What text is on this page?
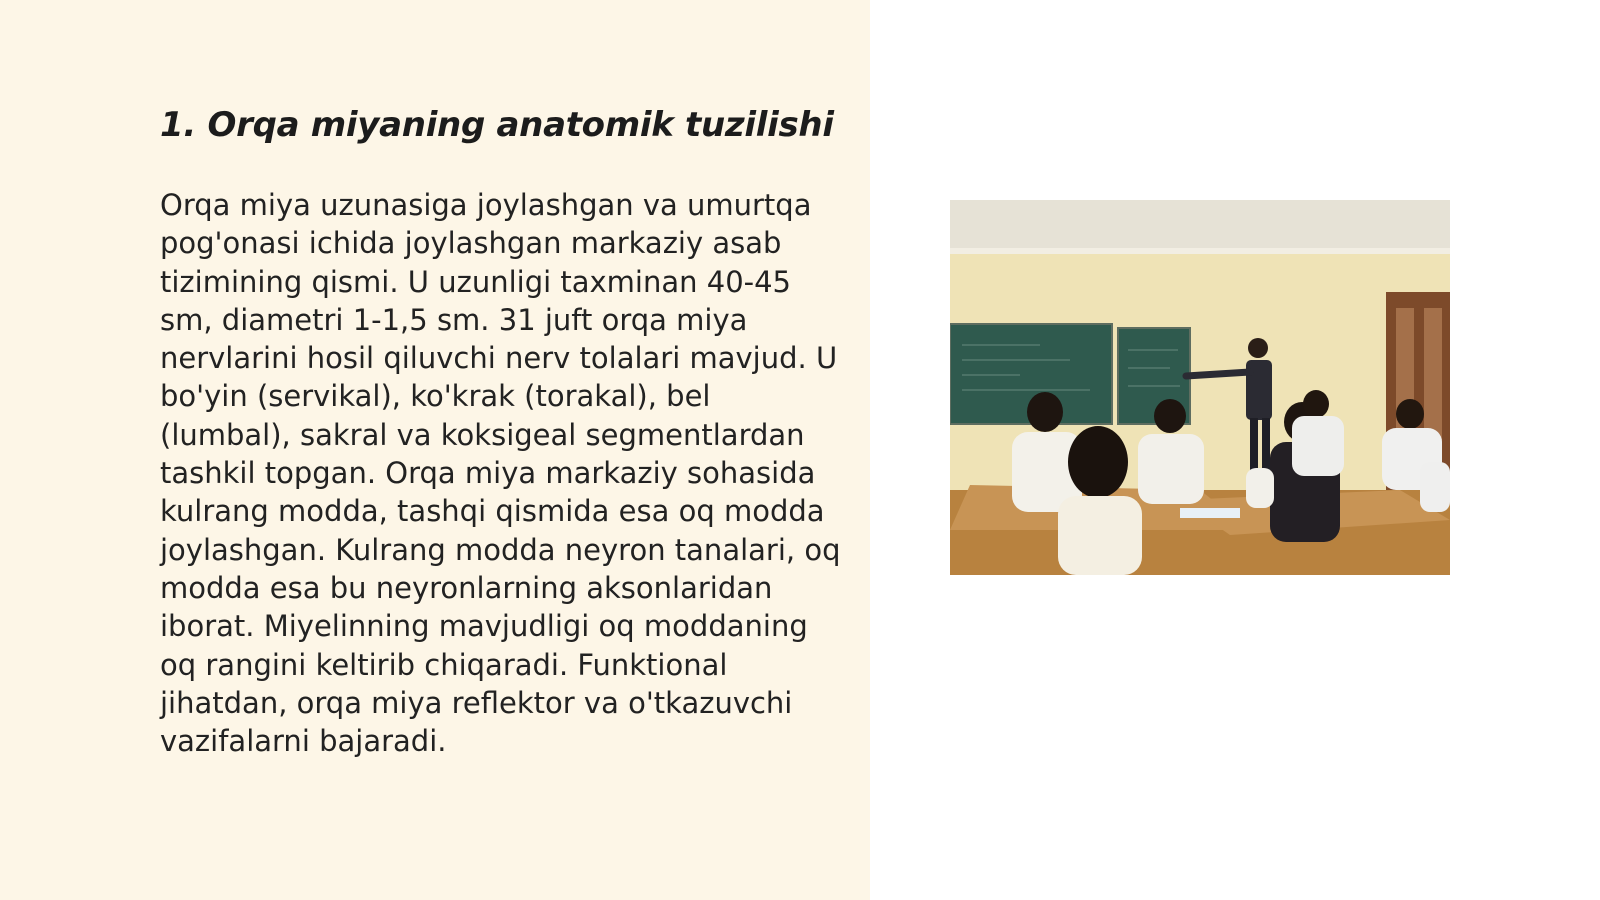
1. Orqa miyaning anatomik tuzilishi

Orqa miya uzunasiga joylashgan va umurtqa pog'onasi ichida joylashgan markaziy asab tizimining qismi. U uzunligi taxminan 40-45 sm, diametri 1-1,5 sm. 31 juft orqa miya nervlarini hosil qiluvchi nerv tolalari mavjud. U bo'yin (servikal), ko'krak (torakal), bel (lumbal), sakral va koksigeal segmentlardan tashkil topgan. Orqa miya markaziy sohasida kulrang modda, tashqi qismida esa oq modda joylashgan. Kulrang modda neyron tanalari, oq modda esa bu neyronlarning aksonlaridan iborat. Miyelinning mavjudligi oq moddaning oq rangini keltirib chiqaradi. Funktional jihatdan, orqa miya reflektor va o'tkazuvchi vazifalarni bajaradi.
